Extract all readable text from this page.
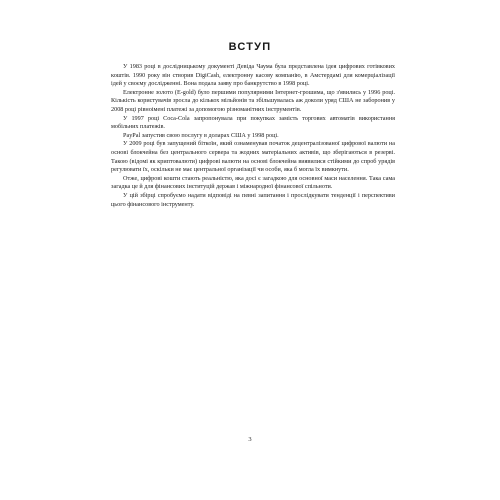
ВСТУП

У 1983 році в дослідницькому документі Девіда Чаума була представлена ідея цифрових готівкових коштів. 1990 року він створив DigiCash, електронну касову компанію, в Амстердамі для комерціалізації ідей у своєму дослідженні. Вона подала заяву про банкрутство в 1998 році.

Електронне золото (E-gold) було першими популярними Інтернет-грошима, що з'явились у 1996 році. Кількість користувачів зросла до кількох мільйонів та збільшувалась аж доколи уряд США не заборонив у 2008 році рівноімені платежі за допомогою різноманітних інструментів.

У 1997 році Coca-Cola запропонувала при покупках замість торгових автоматів використання мобільних платежів.

PayPal запустив свою послугу в доларах США у 1998 році.

У 2009 році був запущений біткоїн, який ознаменував початок децентралізованої цифрової валюти на основі блокчейна без центрального сервера та жодних матеріальних активів, що зберігаються в резерві. Такою (відомі як криптовалюти) цифрові валюти на основі блокчейна виявилися стійкими до спроб урядів регулювати їх, оскільки не має центральної організації чи особи, яка б могла їх вимкнути.

Отже, цифрові кошти стають реальністю, яка досі є загадкою для основної маси населення. Така сама загадка це й для фінансових інституцій держав і міжнародної фінансової спільноти.

У цій збірці спробуємо надати відповіді на певні запитання і прослідкувати тенденції і перспективи цього фінансового інструменту.

3
